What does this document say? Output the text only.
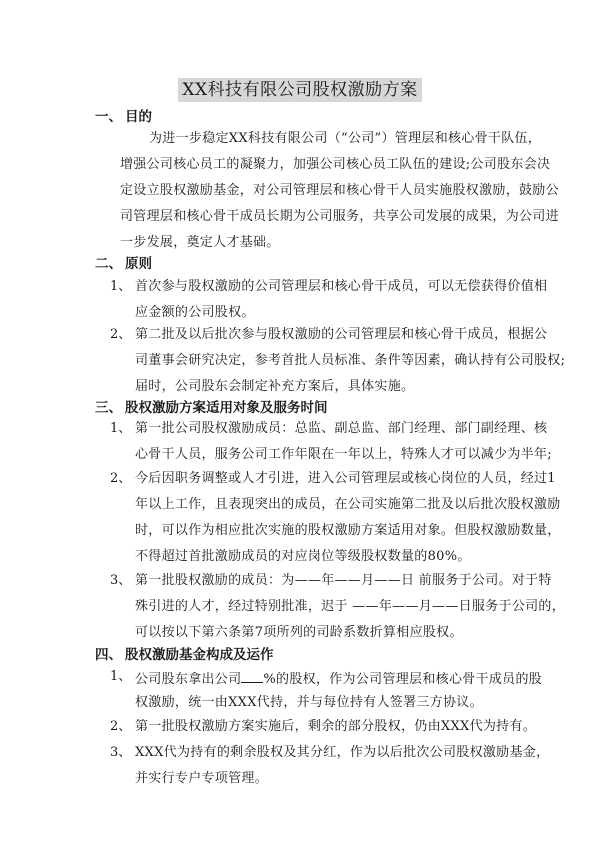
XX科技有限公司股权激励方案
一、 目的
为进一步稳定XX科技有限公司（“公司”）管理层和核心骨干队伍，
增强公司核心员工的凝聚力，加强公司核心员工队伍的建设;公司股东会决
定设立股权激励基金，对公司管理层和核心骨干人员实施股权激励，鼓励公
司管理层和核心骨干成员长期为公司服务，共享公司发展的成果，为公司进
一步发展，奠定人才基础。
二、 原则
1、 首次参与股权激励的公司管理层和核心骨干成员，可以无偿获得价值相
应金额的公司股权。
2、 第二批及以后批次参与股权激励的公司管理层和核心骨干成员，根据公
司董事会研究决定，参考首批人员标准、条件等因素，确认持有公司股权;
届时，公司股东会制定补充方案后，具体实施。
三、 股权激励方案适用对象及服务时间
1、 第一批公司股权激励成员：总监、副总监、部门经理、部门副经理、核
心骨干人员，服务公司工作年限在一年以上，特殊人才可以减少为半年;
2、 今后因职务调整或人才引进，进入公司管理层或核心岗位的人员，经过1
年以上工作，且表现突出的成员，在公司实施第二批及以后批次股权激励
时，可以作为相应批次实施的股权激励方案适用对象。但股权激励数量，
不得超过首批激励成员的对应岗位等级股权数量的80%。
3、 第一批股权激励的成员：为——年——月——日 前服务于公司。对于特
殊引进的人才，经过特别批准，迟于 ——年——月——日服务于公司的，
可以按以下第六条第7项所列的司龄系数折算相应股权。
四、 股权激励基金构成及运作
1、 公司股东拿出公司 %的股权，作为公司管理层和核心骨干成员的股
权激励，统一由XXX代持，并与每位持有人签署三方协议。
2、 第一批股权激励方案实施后，剩余的部分股权，仍由XXX代为持有。
3、 XXX代为持有的剩余股权及其分红，作为以后批次公司股权激励基金，
并实行专户专项管理。
